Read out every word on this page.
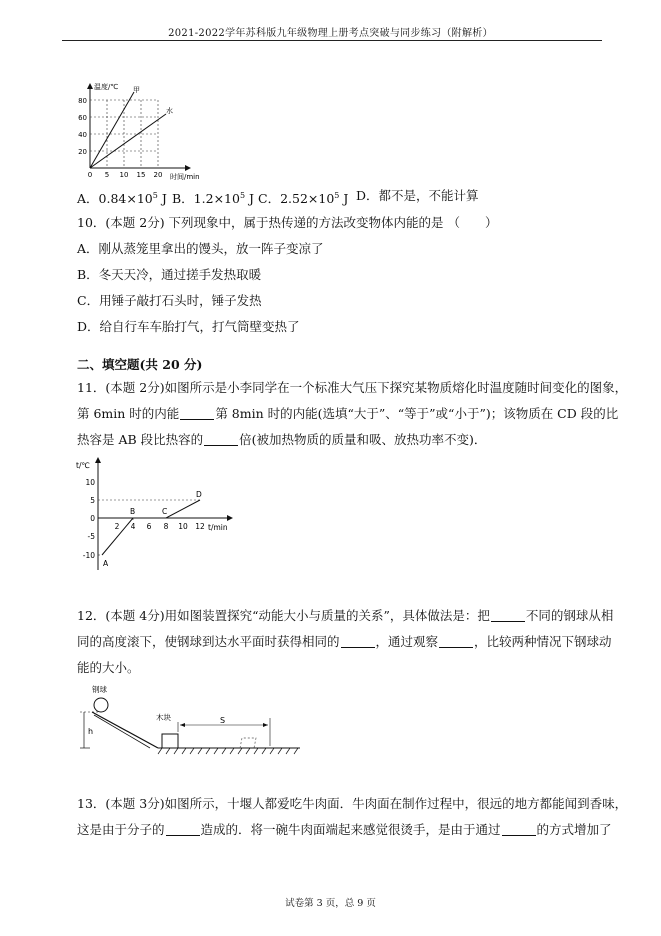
2021-2022学年苏科版九年级物理上册考点突破与同步练习（附解析）
80
60
40
20
0 5 10 15 20
温度/℃
时间/min
甲
水
A．$0.84\times 10^5$ J B．$1.2\times 10^5$ J C．$2.52\times 10^5$ J D．都不是，不能计算
10．(本题 2分) 下列现象中，属于热传递的方法改变物体内能的是 （　　）
A．刚从蒸笼里拿出的馒头，放一阵子变凉了
B．冬天天冷，通过搓手发热取暖
C．用锤子敲打石头时，锤子发热
D．给自行车车胎打气，打气筒壁变热了
二、填空题(共 20 分)
11．(本题 2分)如图所示是小李同学在一个标准大气压下探究某物质熔化时温度随时间变化的图象，
第 6min 时的内能	第 8min 时的内能(选填“大于”、“等于”或“小于”)；该物质在 CD 段的比
热容是 AB 段比热容的	倍(被加热物质的质量和吸、放热功率不变)．
10
5
0
-5
-10
2 4 6 8 10 12
t/℃
t/min
A
B	C
D
12．(本题 4分)用如图装置探究“动能大小与质量的关系”，具体做法是：把	不同的钢球从相
同的高度滚下，使钢球到达水平面时获得相同的	，通过观察	，比较两种情况下钢球动
能的大小。
h
钢球
木块	S
13．(本题 3分)如图所示，十堰人都爱吃牛肉面．牛肉面在制作过程中，很远的地方都能闻到香味，
这是由于分子的	造成的．将一碗牛肉面端起来感觉很烫手，是由于通过	的方式增加了
试卷第 3 页，总 9 页
